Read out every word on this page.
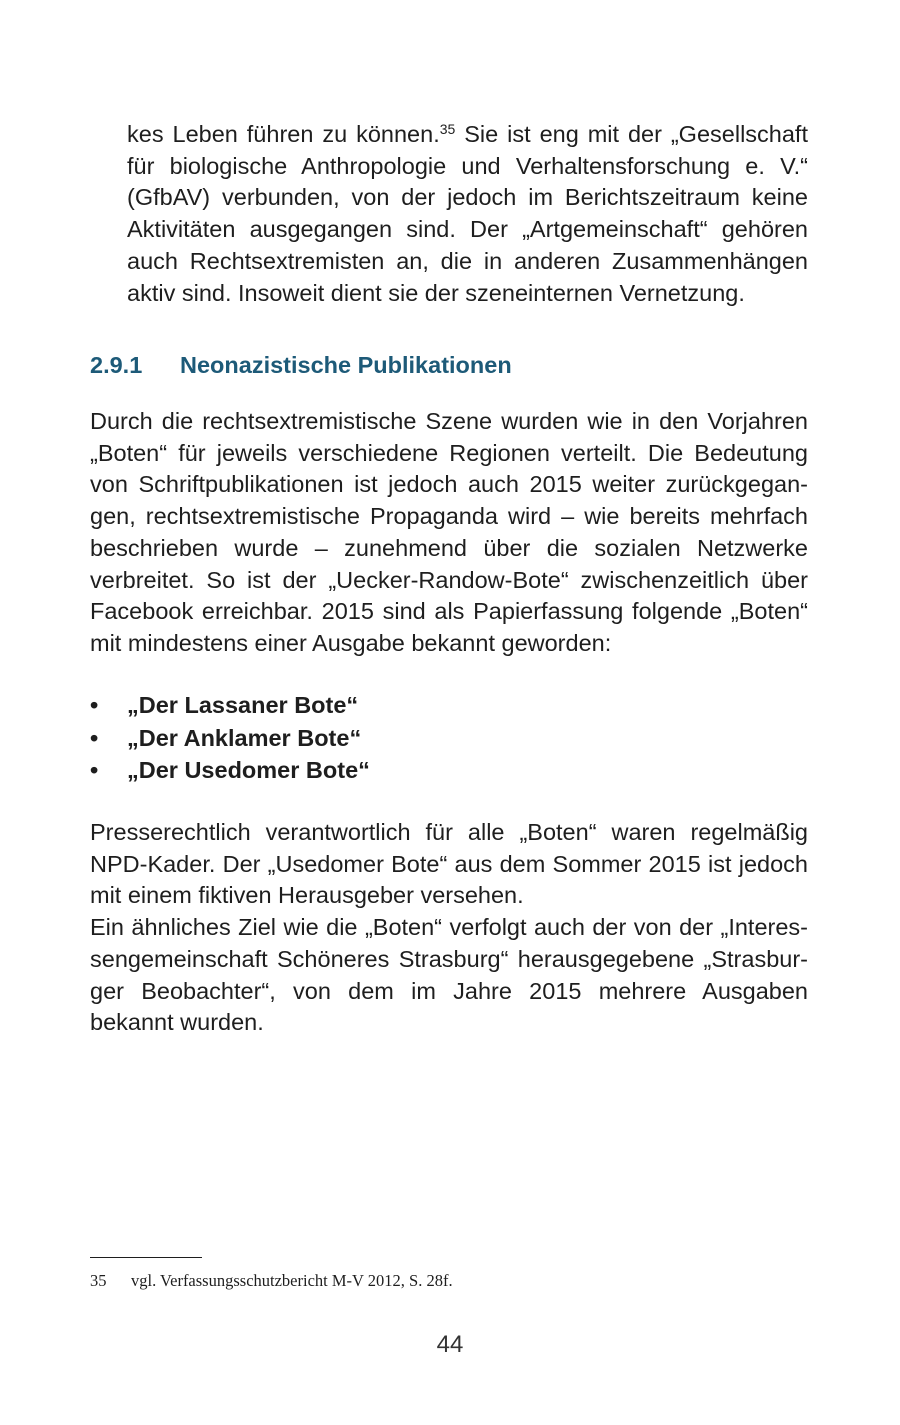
kes Leben führen zu können.$^{35}$ Sie ist eng mit der „Gesellschaft für biologische Anthropologie und Verhaltensforschung e. V.“ (GfbAV) verbunden, von der jedoch im Berichtszeitraum keine Aktivitäten ausgegangen sind. Der „Artgemeinschaft“ gehören auch Rechtsextremisten an, die in anderen Zusammenhängen aktiv sind. Insoweit dient sie der szeneinternen Vernetzung.

2.9.1 Neonazistische Publikationen

Durch die rechtsextremistische Szene wurden wie in den Vorjahren „Boten“ für jeweils verschiedene Regionen verteilt. Die Bedeutung von Schriftpublikationen ist jedoch auch 2015 weiter zurückgegangen, rechtsextremistische Propaganda wird – wie bereits mehrfach beschrieben wurde – zunehmend über die sozialen Netzwerke verbreitet. So ist der „Uecker-Randow-Bote“ zwischenzeitlich über Facebook erreichbar. 2015 sind als Papierfassung folgende „Boten“ mit mindestens einer Ausgabe bekannt geworden:

• „Der Lassaner Bote“
• „Der Anklamer Bote“
• „Der Usedomer Bote“

Presserechtlich verantwortlich für alle „Boten“ waren regelmäßig NPD-Kader. Der „Usedomer Bote“ aus dem Sommer 2015 ist jedoch mit einem fiktiven Herausgeber versehen.

Ein ähnliches Ziel wie die „Boten“ verfolgt auch der von der „Interessengemeinschaft Schöneres Strasburg“ herausgegebene „Strasburger Beobachter“, von dem im Jahre 2015 mehrere Ausgaben bekannt wurden.

35 vgl. Verfassungsschutzbericht M-V 2012, S. 28f.
44
